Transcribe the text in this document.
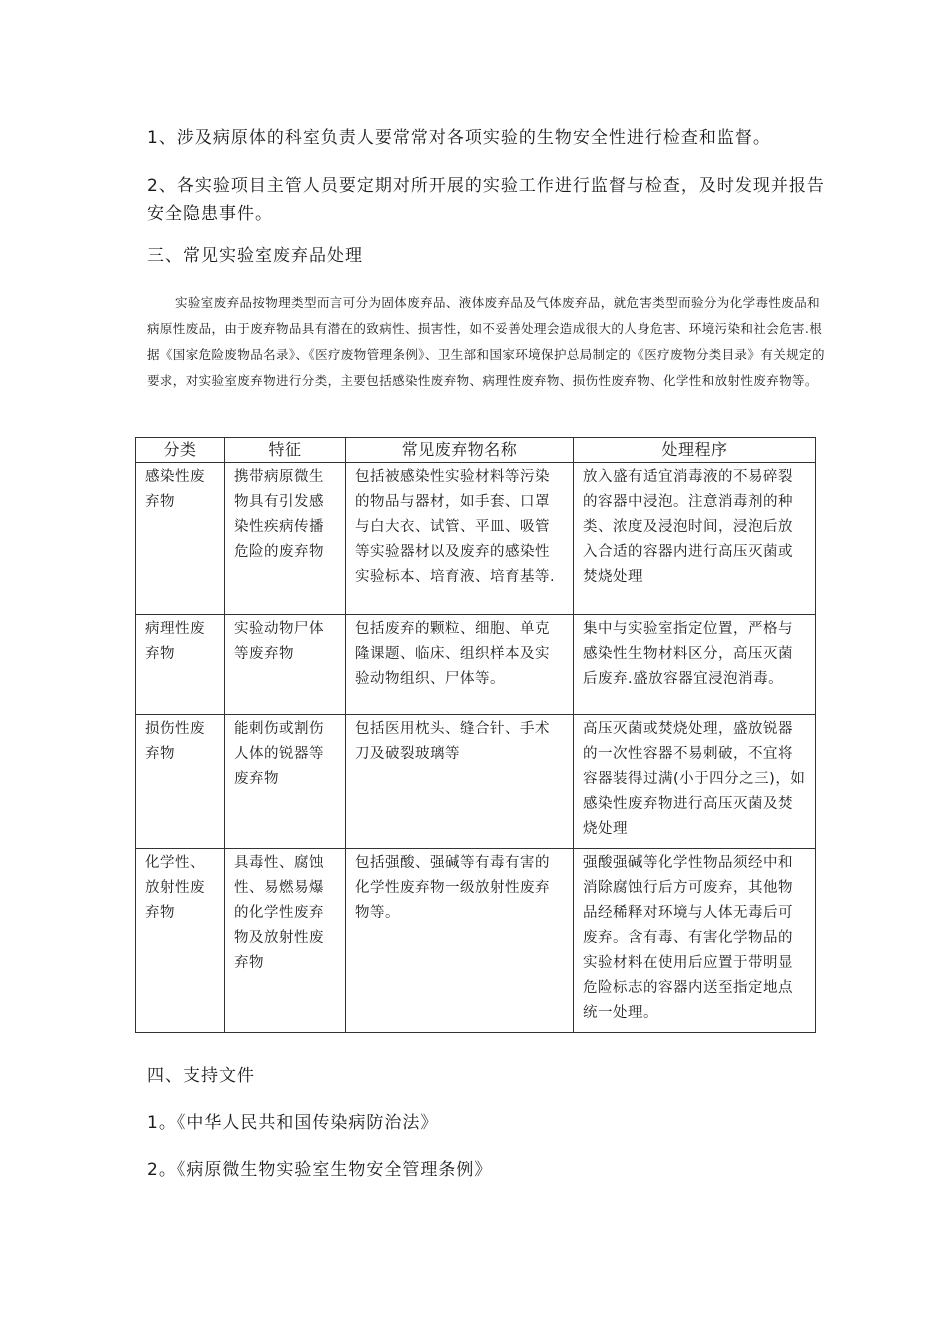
1、涉及病原体的科室负责人要常常对各项实验的生物安全性进行检查和监督。

2、各实验项目主管人员要定期对所开展的实验工作进行监督与检查，及时发现并报告安全隐患事件。

三、常见实验室废弃品处理

实验室废弃品按物理类型而言可分为固体废弃品、液体废弃品及气体废弃品，就危害类型而验分为化学毒性废品和病原性废品，由于废弃物品具有潜在的致病性、损害性，如不妥善处理会造成很大的人身危害、环境污染和社会危害.根据《国家危险废物品名录》、《医疗废物管理条例》、卫生部和国家环境保护总局制定的《医疗废物分类目录》有关规定的要求，对实验室废弃物进行分类，主要包括感染性废弃物、病理性废弃物、损伤性废弃物、化学性和放射性废弃物等。

分类	特征	常见废弃物名称	处理程序
感染性废弃物	携带病原微生物具有引发感染性疾病传播危险的废弃物	包括被感染性实验材料等污染的物品与器材，如手套、口罩与白大衣、试管、平皿、吸管等实验器材以及废弃的感染性实验标本、培育液、培育基等.	放入盛有适宜消毒液的不易碎裂的容器中浸泡。注意消毒剂的种类、浓度及浸泡时间，浸泡后放入合适的容器内进行高压灭菌或焚烧处理
病理性废弃物	实验动物尸体等废弃物	包括废弃的颗粒、细胞、单克隆课题、临床、组织样本及实验动物组织、尸体等。	集中与实验室指定位置，严格与感染性生物材料区分，高压灭菌后废弃.盛放容器宜浸泡消毒。
损伤性废弃物	能刺伤或割伤人体的锐器等废弃物	包括医用枕头、缝合针、手术刀及破裂玻璃等	高压灭菌或焚烧处理，盛放锐器的一次性容器不易刺破，不宜将容器装得过满(小于四分之三)，如感染性废弃物进行高压灭菌及焚烧处理
化学性、放射性废弃物	具毒性、腐蚀性、易燃易爆的化学性废弃物及放射性废弃物	包括强酸、强碱等有毒有害的化学性废弃物一级放射性废弃物等。	强酸强碱等化学性物品须经中和消除腐蚀行后方可废弃，其他物品经稀释对环境与人体无毒后可废弃。含有毒、有害化学物品的实验材料在使用后应置于带明显危险标志的容器内送至指定地点统一处理。

四、支持文件

1。《中华人民共和国传染病防治法》

2。《病原微生物实验室生物安全管理条例》
